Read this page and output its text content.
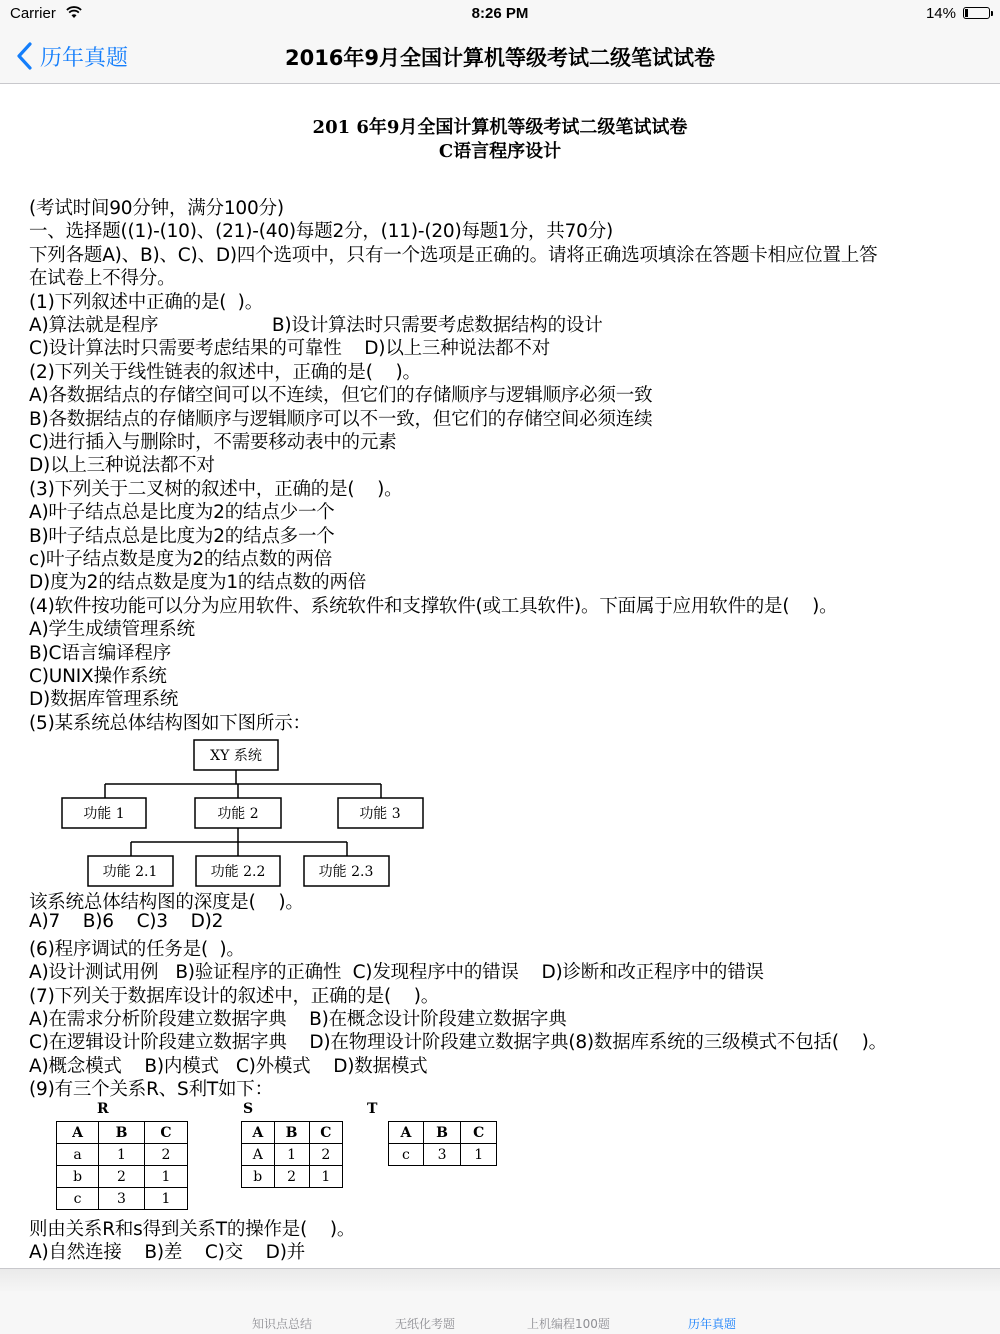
Carrier	8:26 PM	14%
历年真题	2016年9月全国计算机等级考试二级笔试试卷
201 6年9月全国计算机等级考试二级笔试试卷
C语言程序设计
(考试时间90分钟，满分100分)
一、选择题((1)-(10)、(21)-(40)每题2分，(11)-(20)每题1分，共70分)
下列各题A)、B)、C)、D)四个选项中，只有一个选项是正确的。请将正确选项填涂在答题卡相应位置上答
在试卷上不得分。
(1)下列叙述中正确的是(  )。
A)算法就是程序                    B)设计算法时只需要考虑数据结构的设计
C)设计算法时只需要考虑结果的可靠性    D)以上三种说法都不对
(2)下列关于线性链表的叙述中，正确的是(    )。
A)各数据结点的存储空间可以不连续，但它们的存储顺序与逻辑顺序必须一致
B)各数据结点的存储顺序与逻辑顺序可以不一致，但它们的存储空间必须连续
C)进行插入与删除时，不需要移动表中的元素
D)以上三种说法都不对
(3)下列关于二叉树的叙述中，正确的是(    )。
A)叶子结点总是比度为2的结点少一个
B)叶子结点总是比度为2的结点多一个
c)叶子结点数是度为2的结点数的两倍
D)度为2的结点数是度为1的结点数的两倍
(4)软件按功能可以分为应用软件、系统软件和支撑软件(或工具软件)。下面属于应用软件的是(    )。
A)学生成绩管理系统
B)C语言编译程序
C)UNIX操作系统
D)数据库管理系统
(5)某系统总体结构图如下图所示：
XY 系统
功能 1	功能 2	功能 3
功能 2.1	功能 2.2	功能 2.3
该系统总体结构图的深度是(    )。
A)7    B)6    C)3    D)2
(6)程序调试的任务是(  )。
A)设计测试用例   B)验证程序的正确性  C)发现程序中的错误    D)诊断和改正程序中的错误
(7)下列关于数据库设计的叙述中，正确的是(    )。
A)在需求分析阶段建立数据字典    B)在概念设计阶段建立数据字典
C)在逻辑设计阶段建立数据字典    D)在物理设计阶段建立数据字典(8)数据库系统的三级模式不包括(    )。
A)概念模式    B)内模式   C)外模式    D)数据模式
(9)有三个关系R、S利T如下：
R
A	B	C
a	1	2
b	2	1
c	3	1
S
A	B	C
A	1	2
b	2	1
T
A	B	C
c	3	1
则由关系R和s得到关系T的操作是(    )。
A)自然连接    B)差    C)交    D)并
知识点总结	无纸化考题	上机编程100题	历年真题
